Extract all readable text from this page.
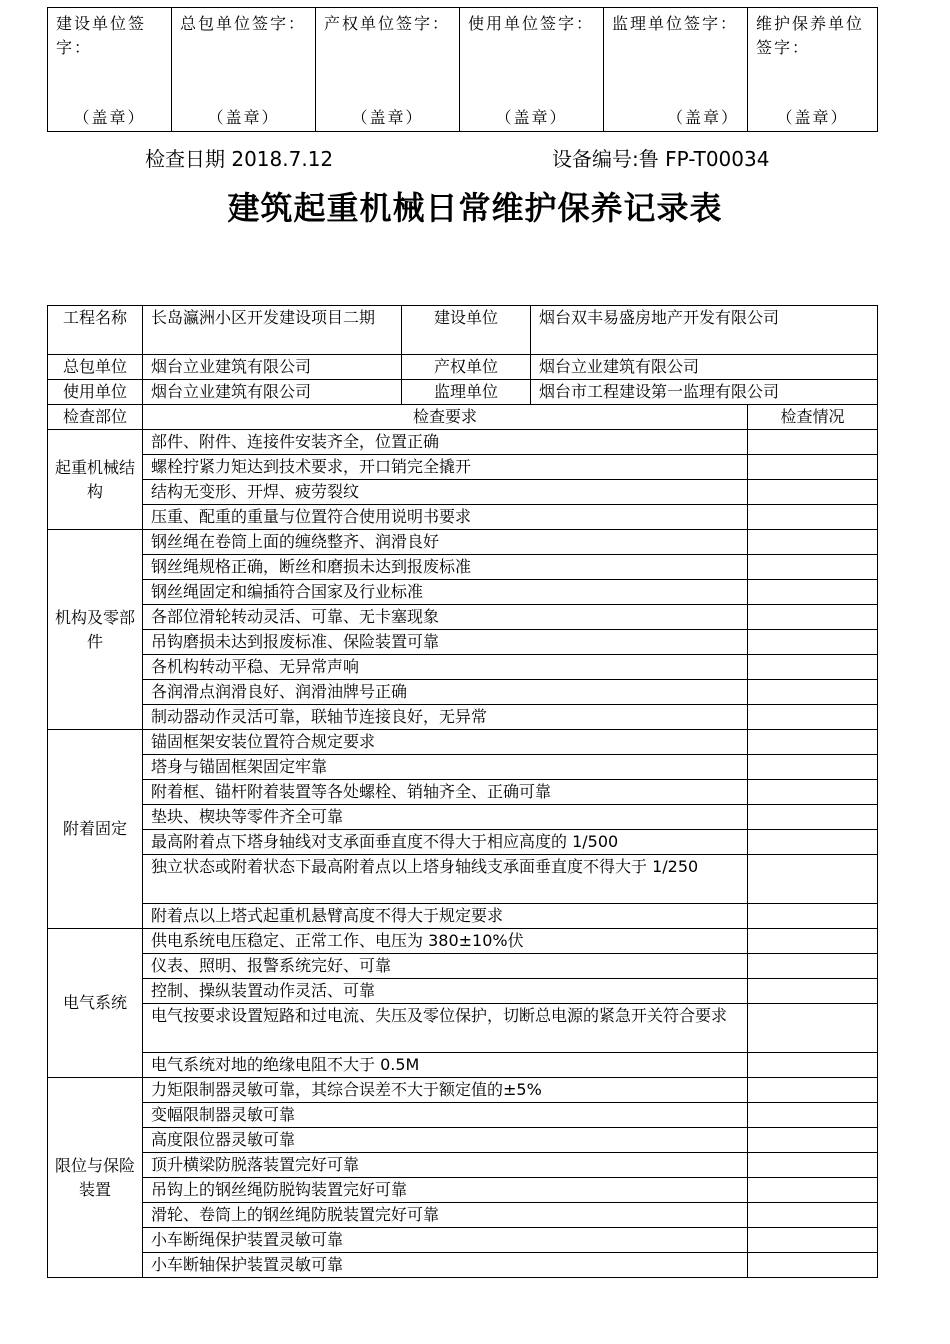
建设单位签字：
（盖章）

总包单位签字：
（盖章）

产权单位签字：
（盖章）

使用单位签字：
（盖章）

监理单位签字：
（盖章）

维护保养单位签字：
（盖章）
检查日期 2018.7.12	设备编号:鲁 FP-T00034
建筑起重机械日常维护保养记录表
工程名称	长岛瀛洲小区开发建设项目二期	建设单位	烟台双丰易盛房地产开发有限公司	
总包单位	烟台立业建筑有限公司	产权单位	烟台立业建筑有限公司	
使用单位	烟台立业建筑有限公司	监理单位	烟台市工程建设第一监理有限公司	
检查部位	检查要求			检查情况
起重机械结构	部件、附件、连接件安装齐全，位置正确			
	螺栓拧紧力矩达到技术要求，开口销完全撬开			
	结构无变形、开焊、疲劳裂纹			
	压重、配重的重量与位置符合使用说明书要求			
机构及零部件	钢丝绳在卷筒上面的缠绕整齐、润滑良好			
	钢丝绳规格正确，断丝和磨损未达到报废标准			
	钢丝绳固定和编插符合国家及行业标准			
	各部位滑轮转动灵活、可靠、无卡塞现象			
	吊钩磨损未达到报废标准、保险装置可靠			
	各机构转动平稳、无异常声响			
	各润滑点润滑良好、润滑油牌号正确			
	制动器动作灵活可靠，联轴节连接良好，无异常			
附着固定	锚固框架安装位置符合规定要求			
	塔身与锚固框架固定牢靠			
	附着框、锚杆附着装置等各处螺栓、销轴齐全、正确可靠			
	垫块、楔块等零件齐全可靠			
	最高附着点下塔身轴线对支承面垂直度不得大于相应高度的 1/500			
	独立状态或附着状态下最高附着点以上塔身轴线支承面垂直度不得大于 1/250			
	附着点以上塔式起重机悬臂高度不得大于规定要求			
电气系统	供电系统电压稳定、正常工作、电压为 380±10%伏			
	仪表、照明、报警系统完好、可靠			
	控制、操纵装置动作灵活、可靠			
	电气按要求设置短路和过电流、失压及零位保护，切断总电源的紧急开关符合要求			
	电气系统对地的绝缘电阻不大于 0.5M			
限位与保险装置	力矩限制器灵敏可靠，其综合误差不大于额定值的±5%			
	变幅限制器灵敏可靠			
	高度限位器灵敏可靠			
	顶升横梁防脱落装置完好可靠			
	吊钩上的钢丝绳防脱钩装置完好可靠			
	滑轮、卷筒上的钢丝绳防脱装置完好可靠			
	小车断绳保护装置灵敏可靠			
	小车断轴保护装置灵敏可靠			
